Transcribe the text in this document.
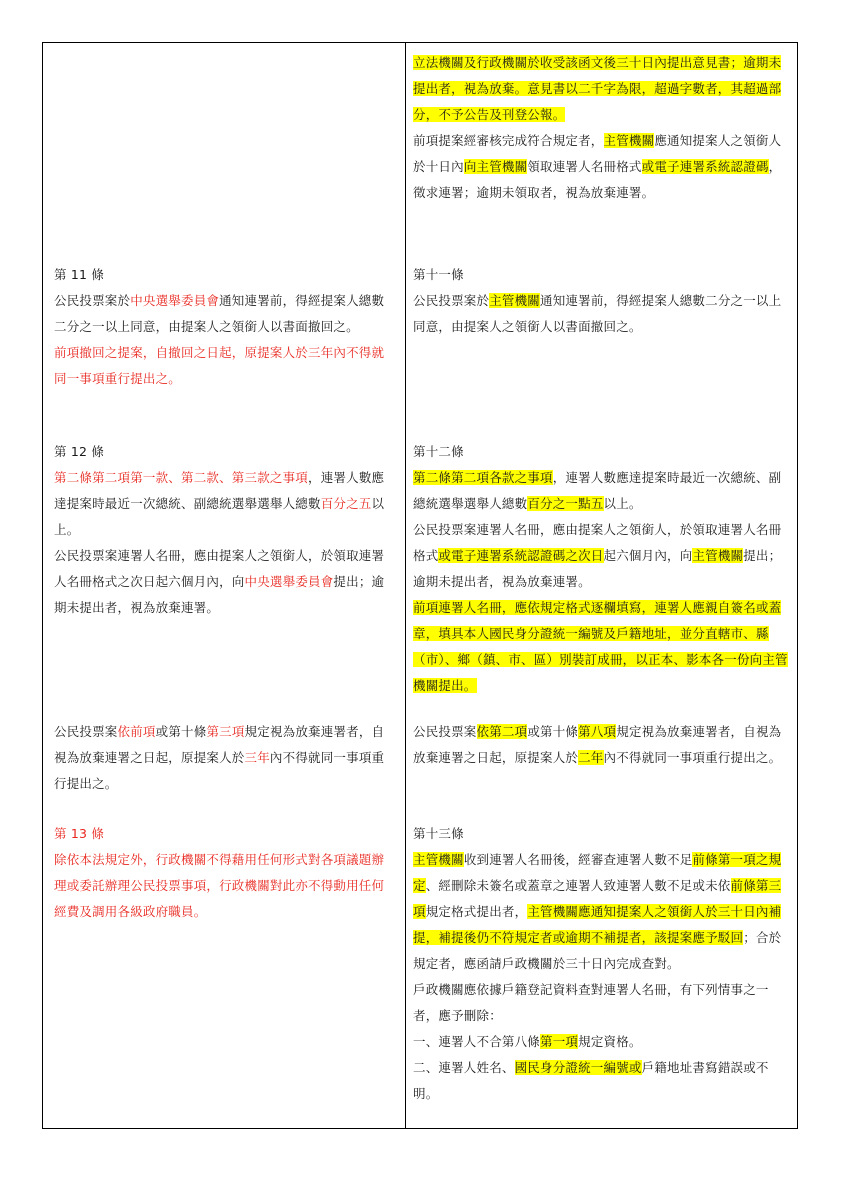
第 11 條

公民投票案於中央選舉委員會通知連署前，得經提案人總數二分之一以上同意，由提案人之領銜人以書面撤回之。

前項撤回之提案，自撤回之日起，原提案人於三年內不得就同一事項重行提出之。

第 12 條

第二條第二項第一款、第二款、第三款之事項，連署人數應達提案時最近一次總統、副總統選舉選舉人總數百分之五以上。

公民投票案連署人名冊，應由提案人之領銜人，於領取連署人名冊格式之次日起六個月內，向中央選舉委員會提出；逾期未提出者，視為放棄連署。

公民投票案依前項或第十條第三項規定視為放棄連署者，自視為放棄連署之日起，原提案人於三年內不得就同一事項重行提出之。

第 13 條

除依本法規定外，行政機關不得藉用任何形式對各項議題辦理或委託辦理公民投票事項，行政機關對此亦不得動用任何經費及調用各級政府職員。

立法機關及行政機關於收受該函文後三十日內提出意見書；逾期未提出者，視為放棄。意見書以二千字為限，超過字數者，其超過部分，不予公告及刊登公報。

前項提案經審核完成符合規定者，主管機關應通知提案人之領銜人於十日內向主管機關領取連署人名冊格式或電子連署系統認證碼，徵求連署；逾期未領取者，視為放棄連署。

第十一條

公民投票案於主管機關通知連署前，得經提案人總數二分之一以上同意，由提案人之領銜人以書面撤回之。

第十二條

第二條第二項各款之事項，連署人數應達提案時最近一次總統、副總統選舉選舉人總數百分之一點五以上。

公民投票案連署人名冊，應由提案人之領銜人，於領取連署人名冊格式或電子連署系統認證碼之次日起六個月內，向主管機關提出；逾期未提出者，視為放棄連署。

前項連署人名冊，應依規定格式逐欄填寫，連署人應親自簽名或蓋章，填具本人國民身分證統一編號及戶籍地址，並分直轄市、縣（市）、鄉（鎮、市、區）別裝訂成冊，以正本、影本各一份向主管機關提出。

公民投票案依第二項或第十條第八項規定視為放棄連署者，自視為放棄連署之日起，原提案人於二年內不得就同一事項重行提出之。

第十三條

主管機關收到連署人名冊後，經審查連署人數不足前條第一項之規定、經刪除未簽名或蓋章之連署人致連署人數不足或未依前條第三項規定格式提出者，主管機關應通知提案人之領銜人於三十日內補提，補提後仍不符規定者或逾期不補提者，該提案應予駁回；合於規定者，應函請戶政機關於三十日內完成查對。

戶政機關應依據戶籍登記資料查對連署人名冊，有下列情事之一者，應予刪除：

一、連署人不合第八條第一項規定資格。

二、連署人姓名、國民身分證統一編號或戶籍地址書寫錯誤或不明。
